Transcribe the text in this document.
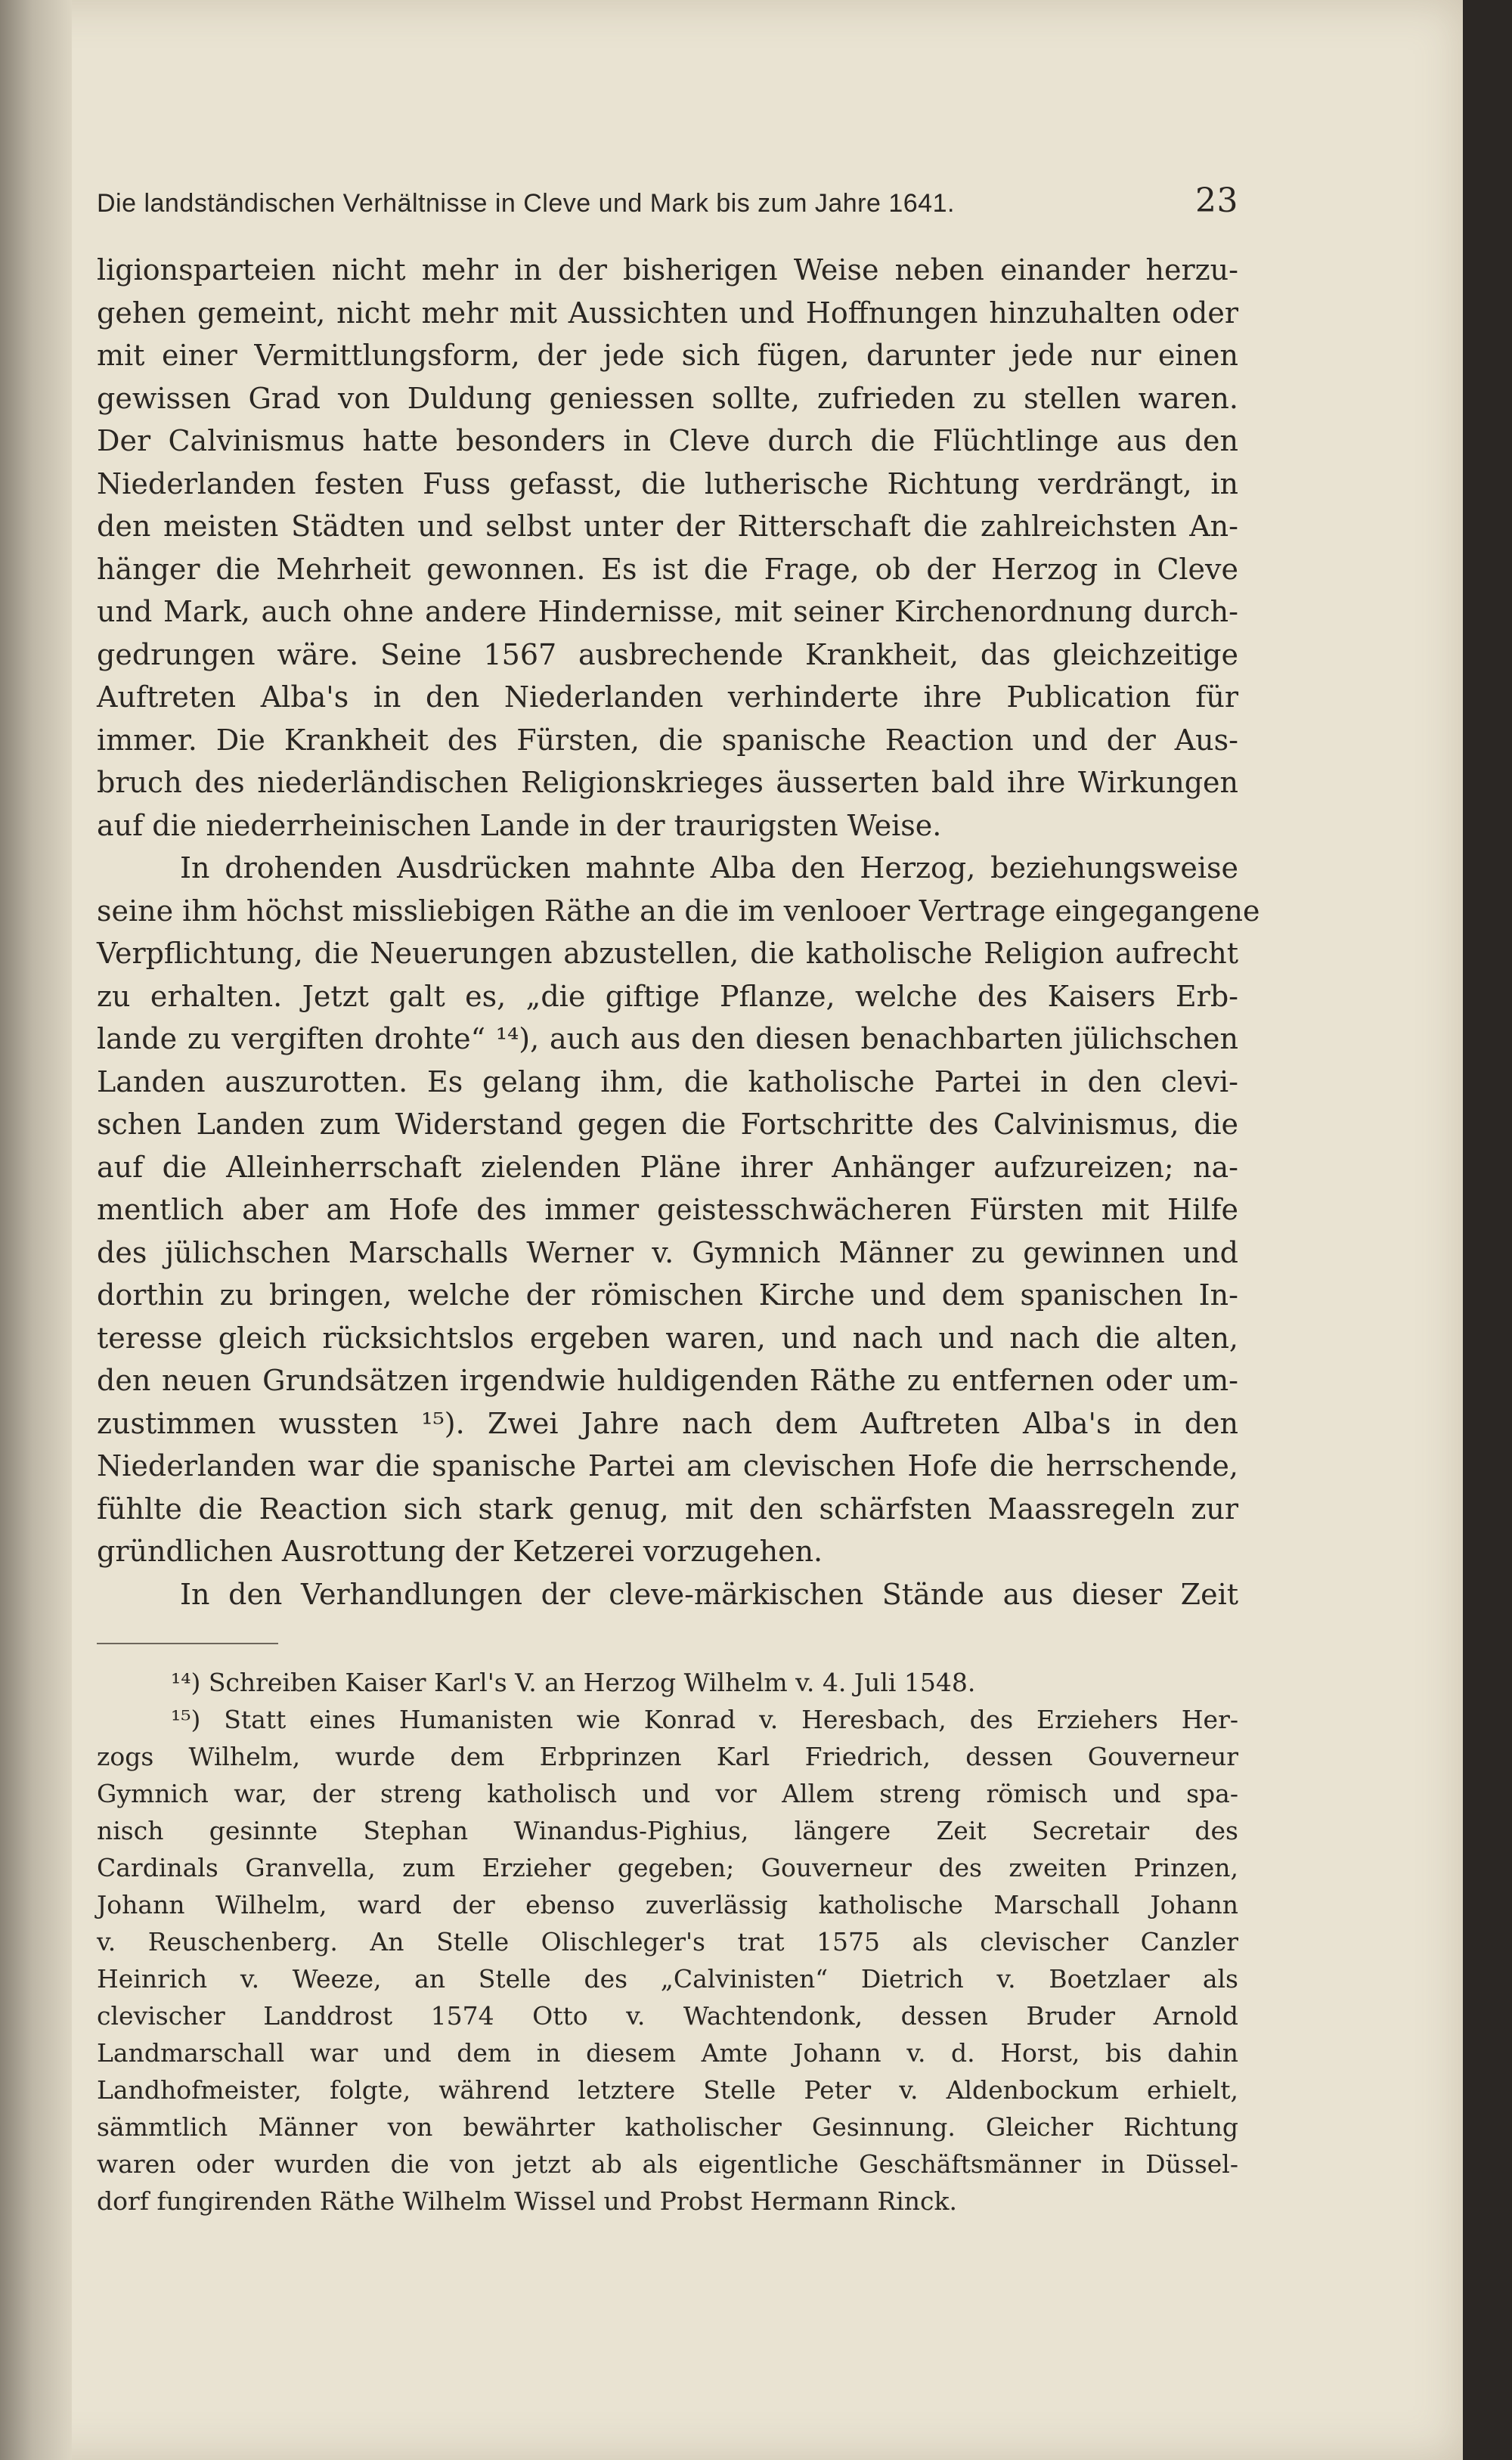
Die landständischen Verhältnisse in Cleve und Mark bis zum Jahre 1641.	23
ligionsparteien nicht mehr in der bisherigen Weise neben einander herzu-
gehen gemeint, nicht mehr mit Aussichten und Hoffnungen hinzuhalten oder
mit einer Vermittlungsform, der jede sich fügen, darunter jede nur einen
gewissen Grad von Duldung geniessen sollte, zufrieden zu stellen waren.
Der Calvinismus hatte besonders in Cleve durch die Flüchtlinge aus den
Niederlanden festen Fuss gefasst, die lutherische Richtung verdrängt, in
den meisten Städten und selbst unter der Ritterschaft die zahlreichsten An-
hänger die Mehrheit gewonnen. Es ist die Frage, ob der Herzog in Cleve
und Mark, auch ohne andere Hindernisse, mit seiner Kirchenordnung durch-
gedrungen wäre. Seine 1567 ausbrechende Krankheit, das gleichzeitige
Auftreten Alba's in den Niederlanden verhinderte ihre Publication für
immer. Die Krankheit des Fürsten, die spanische Reaction und der Aus-
bruch des niederländischen Religionskrieges äusserten bald ihre Wirkungen
auf die niederrheinischen Lande in der traurigsten Weise.
In drohenden Ausdrücken mahnte Alba den Herzog, beziehungsweise
seine ihm höchst missliebigen Räthe an die im venlooer Vertrage eingegangene
Verpflichtung, die Neuerungen abzustellen, die katholische Religion aufrecht
zu erhalten. Jetzt galt es, „die giftige Pflanze, welche des Kaisers Erb-
lande zu vergiften drohte“ ¹⁴), auch aus den diesen benachbarten jülichschen
Landen auszurotten. Es gelang ihm, die katholische Partei in den clevi-
schen Landen zum Widerstand gegen die Fortschritte des Calvinismus, die
auf die Alleinherrschaft zielenden Pläne ihrer Anhänger aufzureizen; na-
mentlich aber am Hofe des immer geistesschwächeren Fürsten mit Hilfe
des jülichschen Marschalls Werner v. Gymnich Männer zu gewinnen und
dorthin zu bringen, welche der römischen Kirche und dem spanischen In-
teresse gleich rücksichtslos ergeben waren, und nach und nach die alten,
den neuen Grundsätzen irgendwie huldigenden Räthe zu entfernen oder um-
zustimmen wussten ¹⁵). Zwei Jahre nach dem Auftreten Alba's in den
Niederlanden war die spanische Partei am clevischen Hofe die herrschende,
fühlte die Reaction sich stark genug, mit den schärfsten Maassregeln zur
gründlichen Ausrottung der Ketzerei vorzugehen.
In den Verhandlungen der cleve-märkischen Stände aus dieser Zeit
¹⁴) Schreiben Kaiser Karl's V. an Herzog Wilhelm v. 4. Juli 1548.
¹⁵) Statt eines Humanisten wie Konrad v. Heresbach, des Erziehers Her-
zogs Wilhelm, wurde dem Erbprinzen Karl Friedrich, dessen Gouverneur
Gymnich war, der streng katholisch und vor Allem streng römisch und spa-
nisch gesinnte Stephan Winandus-Pighius, längere Zeit Secretair des
Cardinals Granvella, zum Erzieher gegeben; Gouverneur des zweiten Prinzen,
Johann Wilhelm, ward der ebenso zuverlässig katholische Marschall Johann
v. Reuschenberg. An Stelle Olischleger's trat 1575 als clevischer Canzler
Heinrich v. Weeze, an Stelle des „Calvinisten“ Dietrich v. Boetzlaer als
clevischer Landdrost 1574 Otto v. Wachtendonk, dessen Bruder Arnold
Landmarschall war und dem in diesem Amte Johann v. d. Horst, bis dahin
Landhofmeister, folgte, während letztere Stelle Peter v. Aldenbockum erhielt,
sämmtlich Männer von bewährter katholischer Gesinnung. Gleicher Richtung
waren oder wurden die von jetzt ab als eigentliche Geschäftsmänner in Düssel-
dorf fungirenden Räthe Wilhelm Wissel und Probst Hermann Rinck.
